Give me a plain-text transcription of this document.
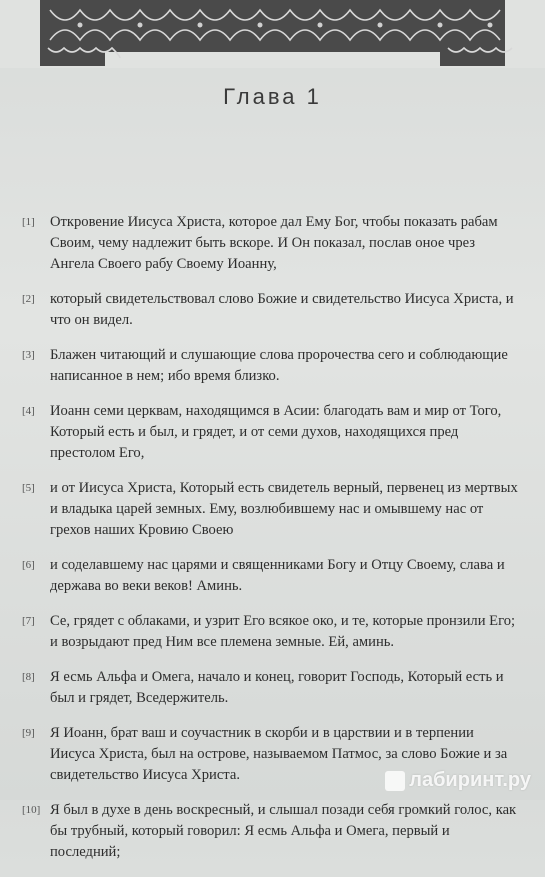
Глава 1
[1] Откровение Иисуса Христа, которое дал Ему Бог, чтобы показать рабам Своим, чему надлежит быть вскоре. И Он показал, послав оное чрез Ангела Своего рабу Своему Иоанну,
[2] который свидетельствовал слово Божие и свидетельство Иисуса Христа, и что он видел.
[3] Блажен читающий и слушающие слова пророчества сего и соблюдающие написанное в нем; ибо время близко.
[4] Иоанн семи церквам, находящимся в Асии: благодать вам и мир от Того, Который есть и был, и грядет, и от семи духов, находящихся пред престолом Его,
[5] и от Иисуса Христа, Который есть свидетель верный, первенец из мертвых и владыка царей земных. Ему, возлюбившему нас и омывшему нас от грехов наших Кровию Своею
[6] и соделавшему нас царями и священниками Богу и Отцу Своему, слава и держава во веки веков! Аминь.
[7] Се, грядет с облаками, и узрит Его всякое око, и те, которые пронзили Его; и возрыдают пред Ним все племена земные. Ей, аминь.
[8] Я есмь Альфа и Омега, начало и конец, говорит Господь, Который есть и был и грядет, Вседержитель.
[9] Я Иоанн, брат ваш и соучастник в скорби и в царствии и в терпении Иисуса Христа, был на острове, называемом Патмос, за слово Божие и за свидетельство Иисуса Христа.
[10] Я был в духе в день воскресный, и слышал позади себя громкий голос, как бы трубный, который говорил: Я есмь Альфа и Омега, первый и последний;
лабиринт.ру
